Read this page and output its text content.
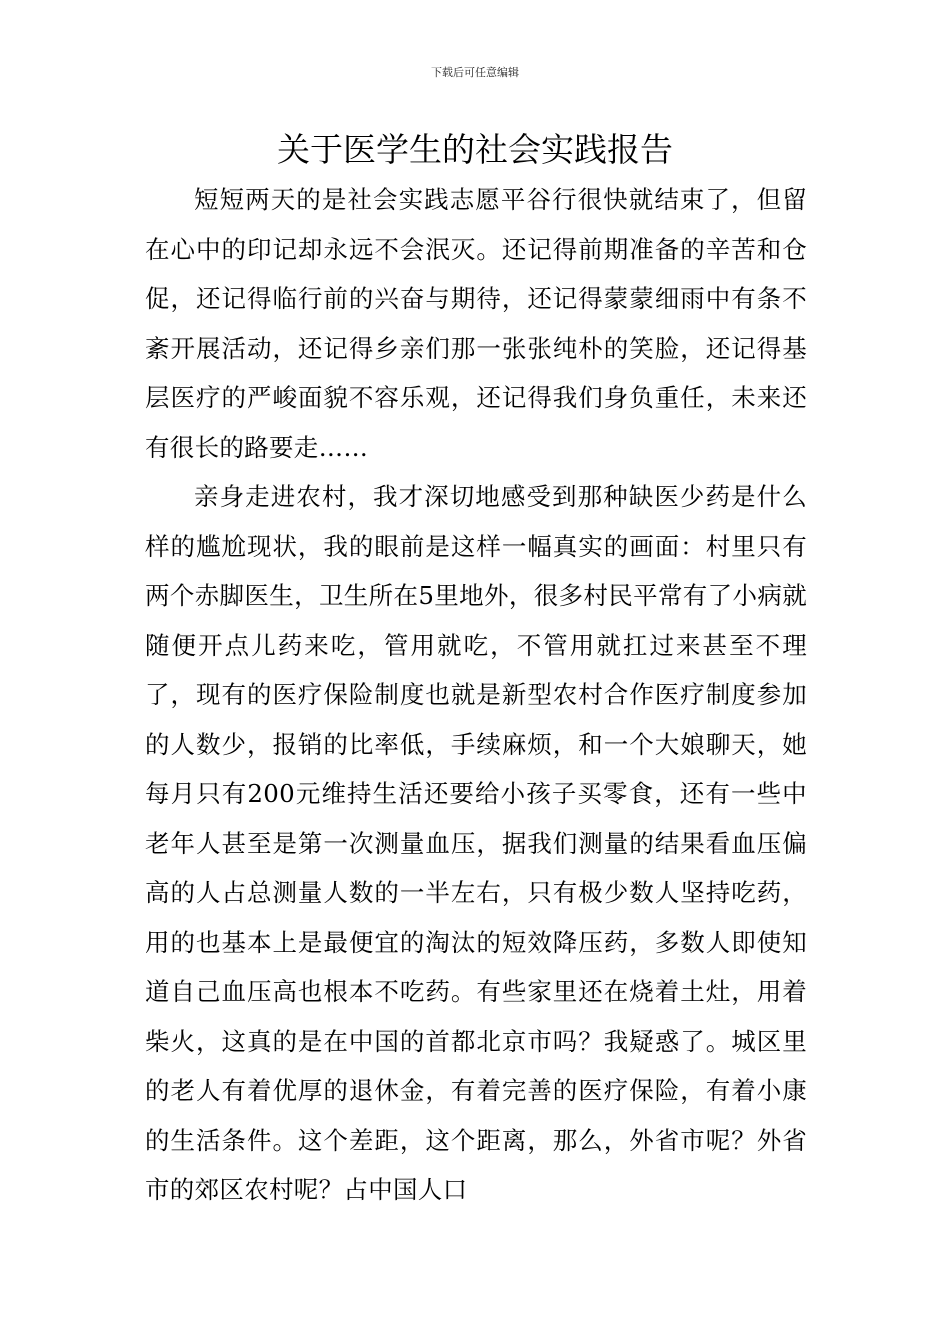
下载后可任意编辑
关于医学生的社会实践报告

短短两天的是社会实践志愿平谷行很快就结束了，但留在心中的印记却永远不会泯灭。还记得前期准备的辛苦和仓促，还记得临行前的兴奋与期待，还记得蒙蒙细雨中有条不紊开展活动，还记得乡亲们那一张张纯朴的笑脸，还记得基层医疗的严峻面貌不容乐观，还记得我们身负重任，未来还有很长的路要走……

亲身走进农村，我才深切地感受到那种缺医少药是什么样的尴尬现状，我的眼前是这样一幅真实的画面：村里只有两个赤脚医生，卫生所在5里地外，很多村民平常有了小病就随便开点儿药来吃，管用就吃，不管用就扛过来甚至不理了，现有的医疗保险制度也就是新型农村合作医疗制度参加的人数少，报销的比率低，手续麻烦，和一个大娘聊天，她每月只有200元维持生活还要给小孩子买零食，还有一些中老年人甚至是第一次测量血压，据我们测量的结果看血压偏高的人占总测量人数的一半左右，只有极少数人坚持吃药，用的也基本上是最便宜的淘汰的短效降压药，多数人即使知道自己血压高也根本不吃药。有些家里还在烧着土灶，用着柴火，这真的是在中国的首都北京市吗？我疑惑了。城区里的老人有着优厚的退休金，有着完善的医疗保险，有着小康的生活条件。这个差距，这个距离，那么，外省市呢？外省市的郊区农村呢？占中国人口
